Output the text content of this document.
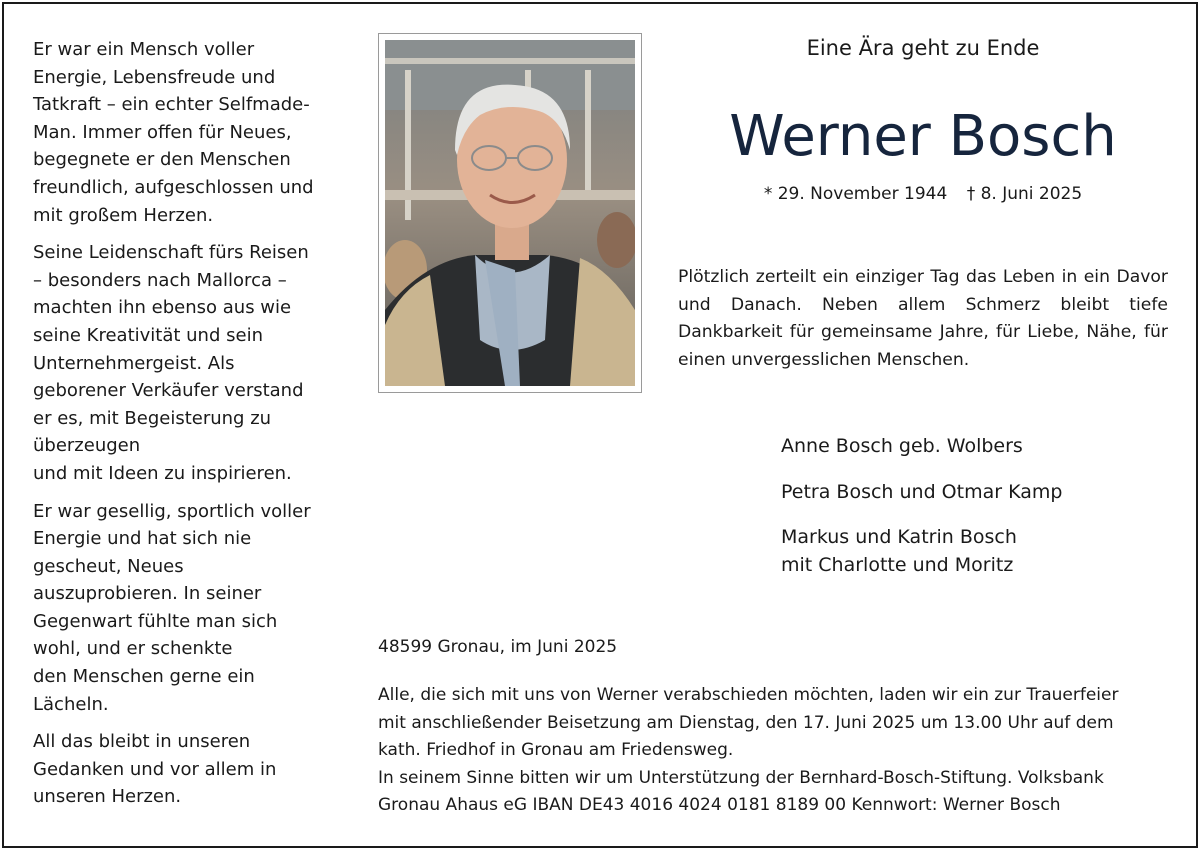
Er war ein Mensch voller
Energie, Lebensfreude und
Tatkraft – ein echter Selfmade-
Man. Immer offen für Neues,
begegnete er den Menschen
freundlich, aufgeschlossen und
mit großem Herzen.

Seine Leidenschaft fürs Reisen
– besonders nach Mallorca –
machten ihn ebenso aus wie
seine Kreativität und sein
Unternehmergeist. Als
geborener Verkäufer verstand
er es, mit Begeisterung zu
überzeugen
und mit Ideen zu inspirieren.

Er war gesellig, sportlich voller
Energie und hat sich nie
gescheut, Neues
auszuprobieren. In seiner
Gegenwart fühlte man sich
wohl, und er schenkte
den Menschen gerne ein
Lächeln.

All das bleibt in unseren
Gedanken und vor allem in
unseren Herzen.

Eine Ära geht zu Ende
Werner Bosch
* 29. November 1944 † 8. Juni 2025
Plötzlich zerteilt ein einziger Tag das Leben in ein Davor und Danach. Neben allem Schmerz bleibt tiefe Dankbarkeit für gemeinsame Jahre, für Liebe, Nähe, für einen unvergesslichen Menschen.

Anne Bosch geb. Wolbers

Petra Bosch und Otmar Kamp

Markus und Katrin Bosch
mit Charlotte und Moritz

48599 Gronau, im Juni 2025
Alle, die sich mit uns von Werner verabschieden möchten, laden wir ein zur Trauerfeier
mit anschließender Beisetzung am Dienstag, den 17. Juni 2025 um 13.00 Uhr auf dem
kath. Friedhof in Gronau am Friedensweg.
In seinem Sinne bitten wir um Unterstützung der Bernhard-Bosch-Stiftung. Volksbank
Gronau Ahaus eG IBAN DE43 4016 4024 0181 8189 00 Kennwort: Werner Bosch
